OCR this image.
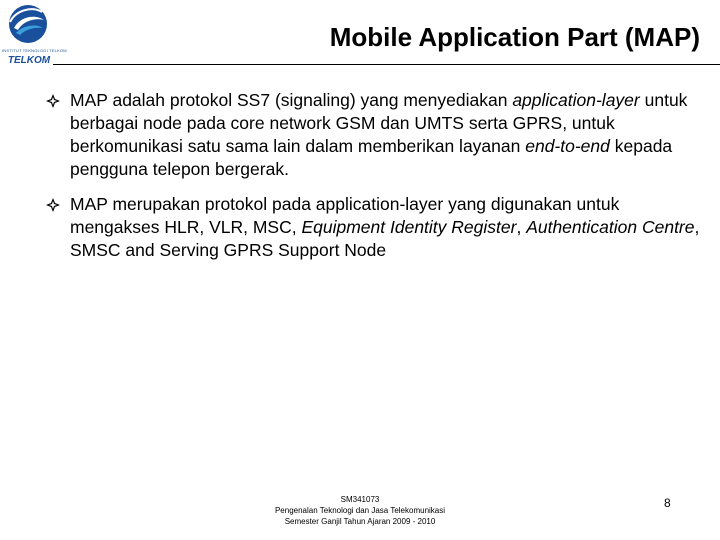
INSTITUT TEKNOLOGI TELKOM
TELKOM
Mobile Application Part (MAP)
MAP adalah protokol SS7 (signaling) yang menyediakan application-layer untuk berbagai node pada core network GSM dan UMTS serta GPRS, untuk berkomunikasi satu sama lain dalam memberikan layanan end-to-end kepada pengguna telepon bergerak.
MAP merupakan protokol pada application-layer yang digunakan untuk mengakses HLR, VLR, MSC, Equipment Identity Register, Authentication Centre, SMSC and Serving GPRS Support Node
SM341073
Pengenalan Teknologi dan Jasa Telekomunikasi
Semester Ganjil Tahun Ajaran 2009 - 2010
8
